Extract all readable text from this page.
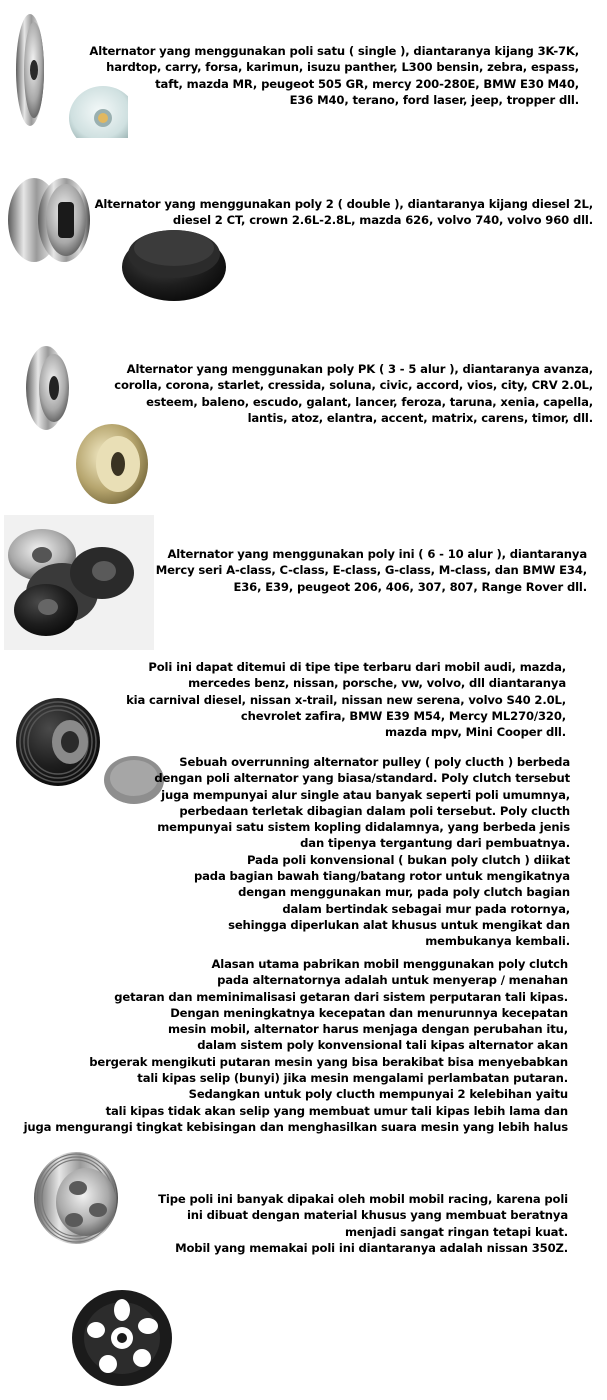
Alternator yang menggunakan poli satu ( single ), diantaranya kijang 3K-7K,
hardtop, carry, forsa, karimun, isuzu panther, L300 bensin, zebra, espass,
taft, mazda MR, peugeot 505 GR, mercy 200-280E, BMW E30 M40,
E36 M40, terano, ford laser, jeep, tropper dll.
Alternator yang menggunakan poly 2 ( double ), diantaranya kijang diesel 2L,
diesel 2 CT, crown 2.6L-2.8L, mazda 626, volvo 740, volvo 960 dll.
Alternator yang menggunakan poly PK ( 3 - 5 alur ), diantaranya avanza,
corolla, corona, starlet, cressida, soluna, civic, accord, vios, city, CRV 2.0L,
esteem, baleno, escudo, galant, lancer, feroza, taruna, xenia, capella,
lantis, atoz, elantra, accent, matrix, carens, timor, dll.
Alternator yang menggunakan poly ini ( 6 - 10 alur ), diantaranya
Mercy seri A-class, C-class, E-class, G-class, M-class, dan BMW E34,
E36, E39, peugeot 206, 406, 307, 807, Range Rover dll.
Poli ini dapat ditemui di tipe tipe terbaru dari mobil audi, mazda,
mercedes benz, nissan, porsche, vw, volvo, dll diantaranya
kia carnival diesel, nissan x-trail, nissan new serena, volvo S40 2.0L,
chevrolet zafira, BMW E39 M54, Mercy ML270/320,
mazda mpv, Mini Cooper dll.
Sebuah overrunning alternator pulley ( poly clucth ) berbeda
dengan poli alternator yang biasa/standard. Poly clutch tersebut
juga mempunyai alur single atau banyak seperti poli umumnya,
perbedaan terletak dibagian dalam poli tersebut. Poly clucth
mempunyai satu sistem kopling didalamnya, yang berbeda jenis
dan tipenya tergantung dari pembuatnya.
Pada poli konvensional ( bukan poly clutch ) diikat
pada bagian bawah tiang/batang rotor untuk mengikatnya
dengan menggunakan mur, pada poly clutch bagian
dalam bertindak sebagai mur pada rotornya,
sehingga diperlukan alat khusus untuk mengikat dan
membukanya kembali.
Alasan utama pabrikan mobil menggunakan poly clutch
pada alternatornya adalah untuk menyerap / menahan
getaran dan meminimalisasi getaran dari sistem perputaran tali kipas.
Dengan meningkatnya kecepatan dan menurunnya kecepatan
mesin mobil, alternator harus menjaga dengan perubahan itu,
dalam sistem poly konvensional tali kipas alternator akan
bergerak mengikuti putaran mesin yang bisa berakibat bisa menyebabkan
tali kipas selip (bunyi) jika mesin mengalami perlambatan putaran.
Sedangkan untuk poly clucth mempunyai 2 kelebihan yaitu
tali kipas tidak akan selip yang membuat umur tali kipas lebih lama dan
juga mengurangi tingkat kebisingan dan menghasilkan suara mesin yang lebih halus
Tipe poli ini banyak dipakai oleh mobil mobil racing, karena poli
ini dibuat dengan material khusus yang membuat beratnya
menjadi sangat ringan tetapi kuat.
Mobil yang memakai poli ini diantaranya adalah nissan 350Z.
